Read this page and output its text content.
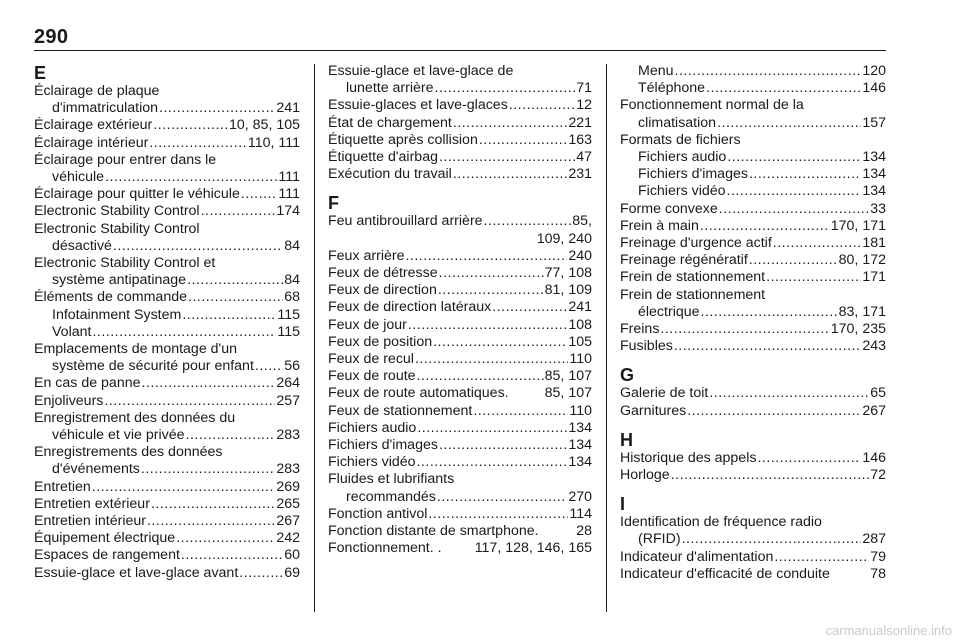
290
E
Éclairage de plaque
d'immatriculation .....	241
Éclairage extérieur .....	10, 85, 105
Éclairage intérieur .....	110, 111
Éclairage pour entrer dans le
véhicule .....	111
Éclairage pour quitter le véhicule .....	111
Electronic Stability Control .....	174
Electronic Stability Control
désactivé .....	84
Electronic Stability Control et
système antipatinage .....	84
Éléments de commande .....	68
Infotainment System .....	115
Volant .....	115
Emplacements de montage d'un
système de sécurité pour enfant ..... 56
En cas de panne .....	264
Enjoliveurs .....	257
Enregistrement des données du
véhicule et vie privée .....	283
Enregistrements des données
d'événements .....	283
Entretien .....	269
Entretien extérieur .....	265
Entretien intérieur .....	267
Équipement électrique .....	242
Espaces de rangement .....	60
Essuie-glace et lave-glace avant .....	69
Essuie-glace et lave-glace de
lunette arrière .....	71
Essuie-glaces et lave-glaces .....	12
État de chargement .....	221
Étiquette après collision .....	163
Étiquette d'airbag .....	47
Exécution du travail .....	231
F
Feu antibrouillard arrière .....	85,
109, 240
Feux arrière .....	240
Feux de détresse .....	77, 108
Feux de direction .....	81, 109
Feux de direction latéraux .....	241
Feux de jour .....	108
Feux de position .....	105
Feux de recul .....	110
Feux de route .....	85, 107
Feux de route automatiques.	85, 107
Feux de stationnement .....	110
Fichiers audio .....	134
Fichiers d'images .....	134
Fichiers vidéo .....	134
Fluides et lubrifiants
recommandés .....	270
Fonction antivol .....	114
Fonction distante de smartphone.	28
Fonctionnement. . 117, 128, 146, 165
Menu .....	120
Téléphone .....	146
Fonctionnement normal de la
climatisation .....	157
Formats de fichiers
Fichiers audio .....	134
Fichiers d'images .....	134
Fichiers vidéo .....	134
Forme convexe .....	33
Frein à main .....	170, 171
Freinage d'urgence actif .....	181
Freinage régénératif .....	80, 172
Frein de stationnement .....	171
Frein de stationnement
électrique .....	83, 171
Freins .....	170, 235
Fusibles .....	243
G
Galerie de toit .....	65
Garnitures .....	267
H
Historique des appels .....	146
Horloge .....	72
I
Identification de fréquence radio
(RFID) .....	287
Indicateur d'alimentation .....	79
Indicateur d'efficacité de conduite	78
carmanualsonline.info
